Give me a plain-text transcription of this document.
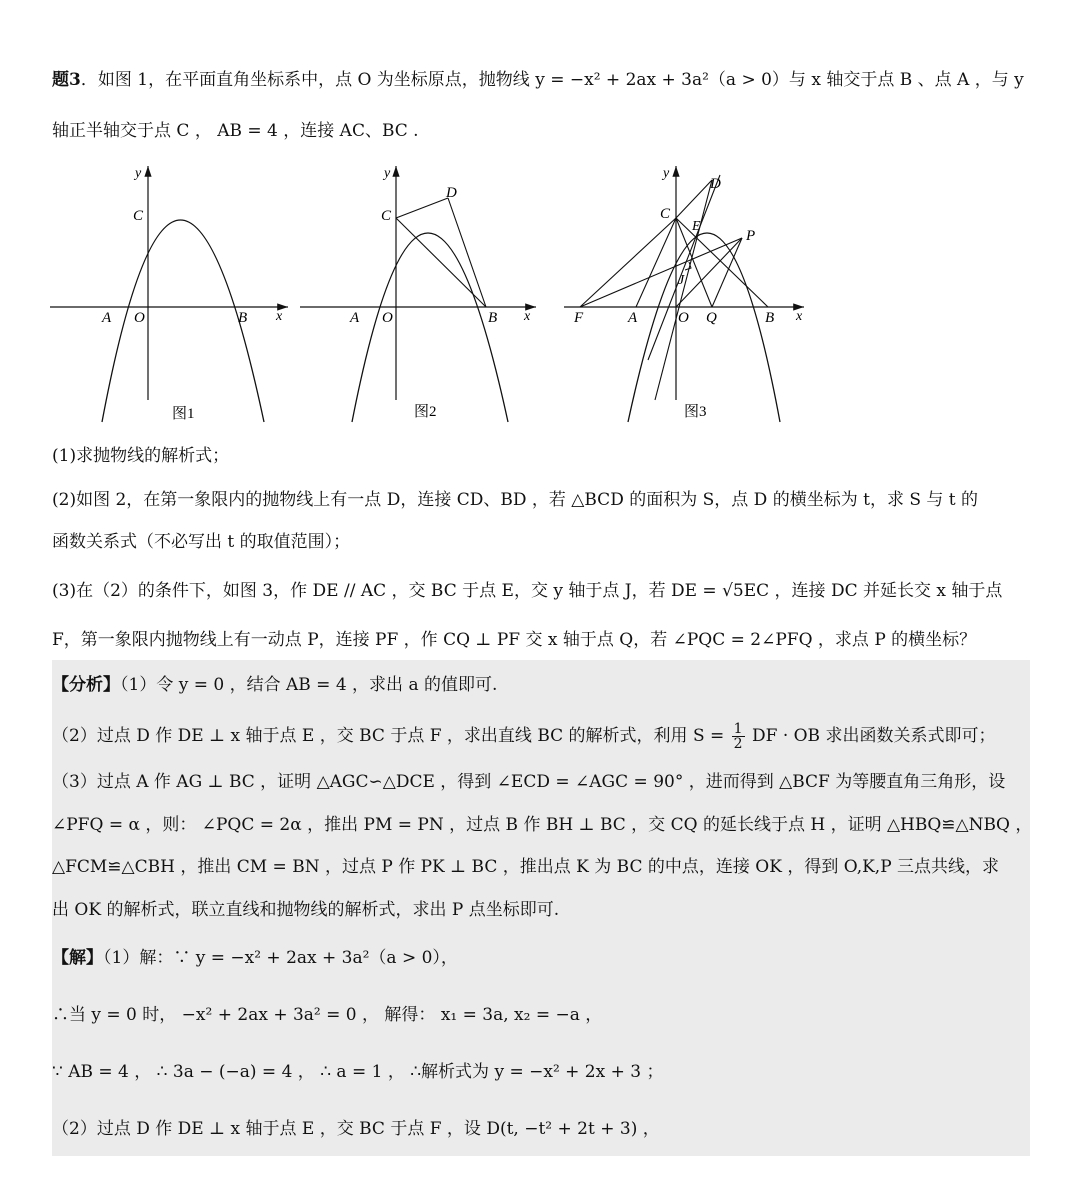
题3．如图 1，在平面直角坐标系中，点 O 为坐标原点，抛物线 y = −x² + 2ax + 3a²（a > 0）与 x 轴交于点 B 、点 A ，与 y
轴正半轴交于点 C ， AB = 4 ，连接 AC、BC .
y
x
C
A O	B
图1
y
x
C
D
A O	B
图2
y
x
C
D
E
P
J
F	A	O Q	B
图3
(1)求抛物线的解析式；
(2)如图 2，在第一象限内的抛物线上有一点 D，连接 CD、BD ，若 △BCD 的面积为 S，点 D 的横坐标为 t，求 S 与 t 的
函数关系式（不必写出 t 的取值范围）；
(3)在（2）的条件下，如图 3，作 DE // AC ，交 BC 于点 E，交 y 轴于点 J，若 DE = √5EC ，连接 DC 并延长交 x 轴于点
F，第一象限内抛物线上有一动点 P，连接 PF ，作 CQ ⊥ PF 交 x 轴于点 Q，若 ∠PQC = 2∠PFQ ，求点 P 的横坐标？
【分析】（1）令 y = 0 ，结合 AB = 4 ，求出 a 的值即可.
（2）过点 D 作 DE ⊥ x 轴于点 E ，交 BC 于点 F ，求出直线 BC 的解析式，利用 $S = \frac{1}{2}$ DF · OB 求出函数关系式即可；
（3）过点 A 作 AG ⊥ BC ，证明 △AGC∽△DCE ，得到 ∠ECD = ∠AGC = 90° ，进而得到 △BCF 为等腰直角三角形，设
∠PFQ = α ，则： ∠PQC = 2α ，推出 PM = PN ，过点 B 作 BH ⊥ BC ，交 CQ 的延长线于点 H ，证明 △HBQ≌△NBQ ，
△FCM≌△CBH ，推出 CM = BN ，过点 P 作 PK ⊥ BC ，推出点 K 为 BC 的中点，连接 OK ，得到 O,K,P 三点共线，求
出 OK 的解析式，联立直线和抛物线的解析式，求出 P 点坐标即可.
【解】（1）解：∵ y = −x² + 2ax + 3a²（a > 0），
∴当 y = 0 时， −x² + 2ax + 3a² = 0 ， 解得： x₁ = 3a, x₂ = −a ，
∵ AB = 4 ， ∴ 3a − (−a) = 4 ， ∴ a = 1 ， ∴解析式为 y = −x² + 2x + 3 ；
（2）过点 D 作 DE ⊥ x 轴于点 E ，交 BC 于点 F ，设 D(t, −t² + 2t + 3) ，
